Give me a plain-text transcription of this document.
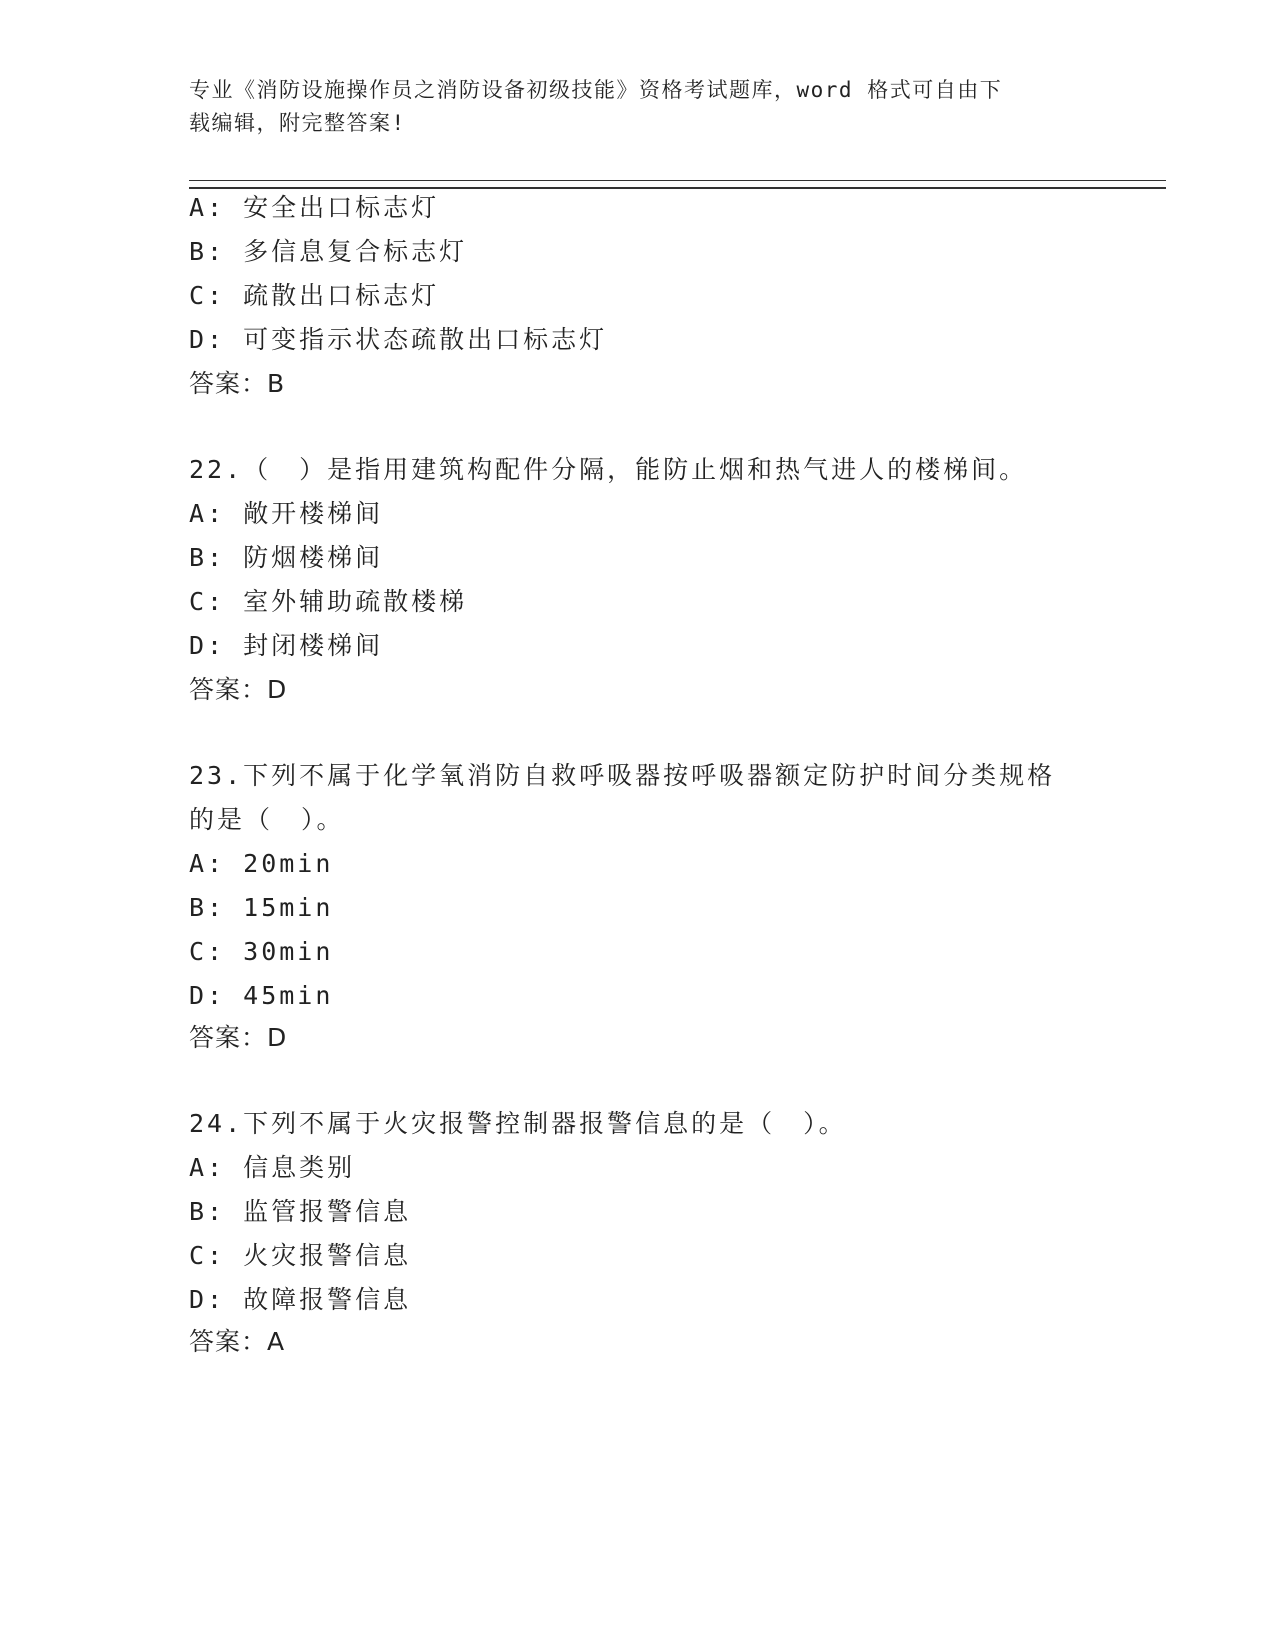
专业《消防设施操作员之消防设备初级技能》资格考试题库，word 格式可自由下
载编辑，附完整答案!
A: 安全出口标志灯
B: 多信息复合标志灯
C: 疏散出口标志灯
D: 可变指示状态疏散出口标志灯
答案：B
22.（　）是指用建筑构配件分隔，能防止烟和热气进人的楼梯间。
A: 敞开楼梯间
B: 防烟楼梯间
C: 室外辅助疏散楼梯
D: 封闭楼梯间
答案：D
23.下列不属于化学氧消防自救呼吸器按呼吸器额定防护时间分类规格
的是（　）。
A: 20min
B: 15min
C: 30min
D: 45min
答案：D
24.下列不属于火灾报警控制器报警信息的是（　）。
A: 信息类别
B: 监管报警信息
C: 火灾报警信息
D: 故障报警信息
答案：A
